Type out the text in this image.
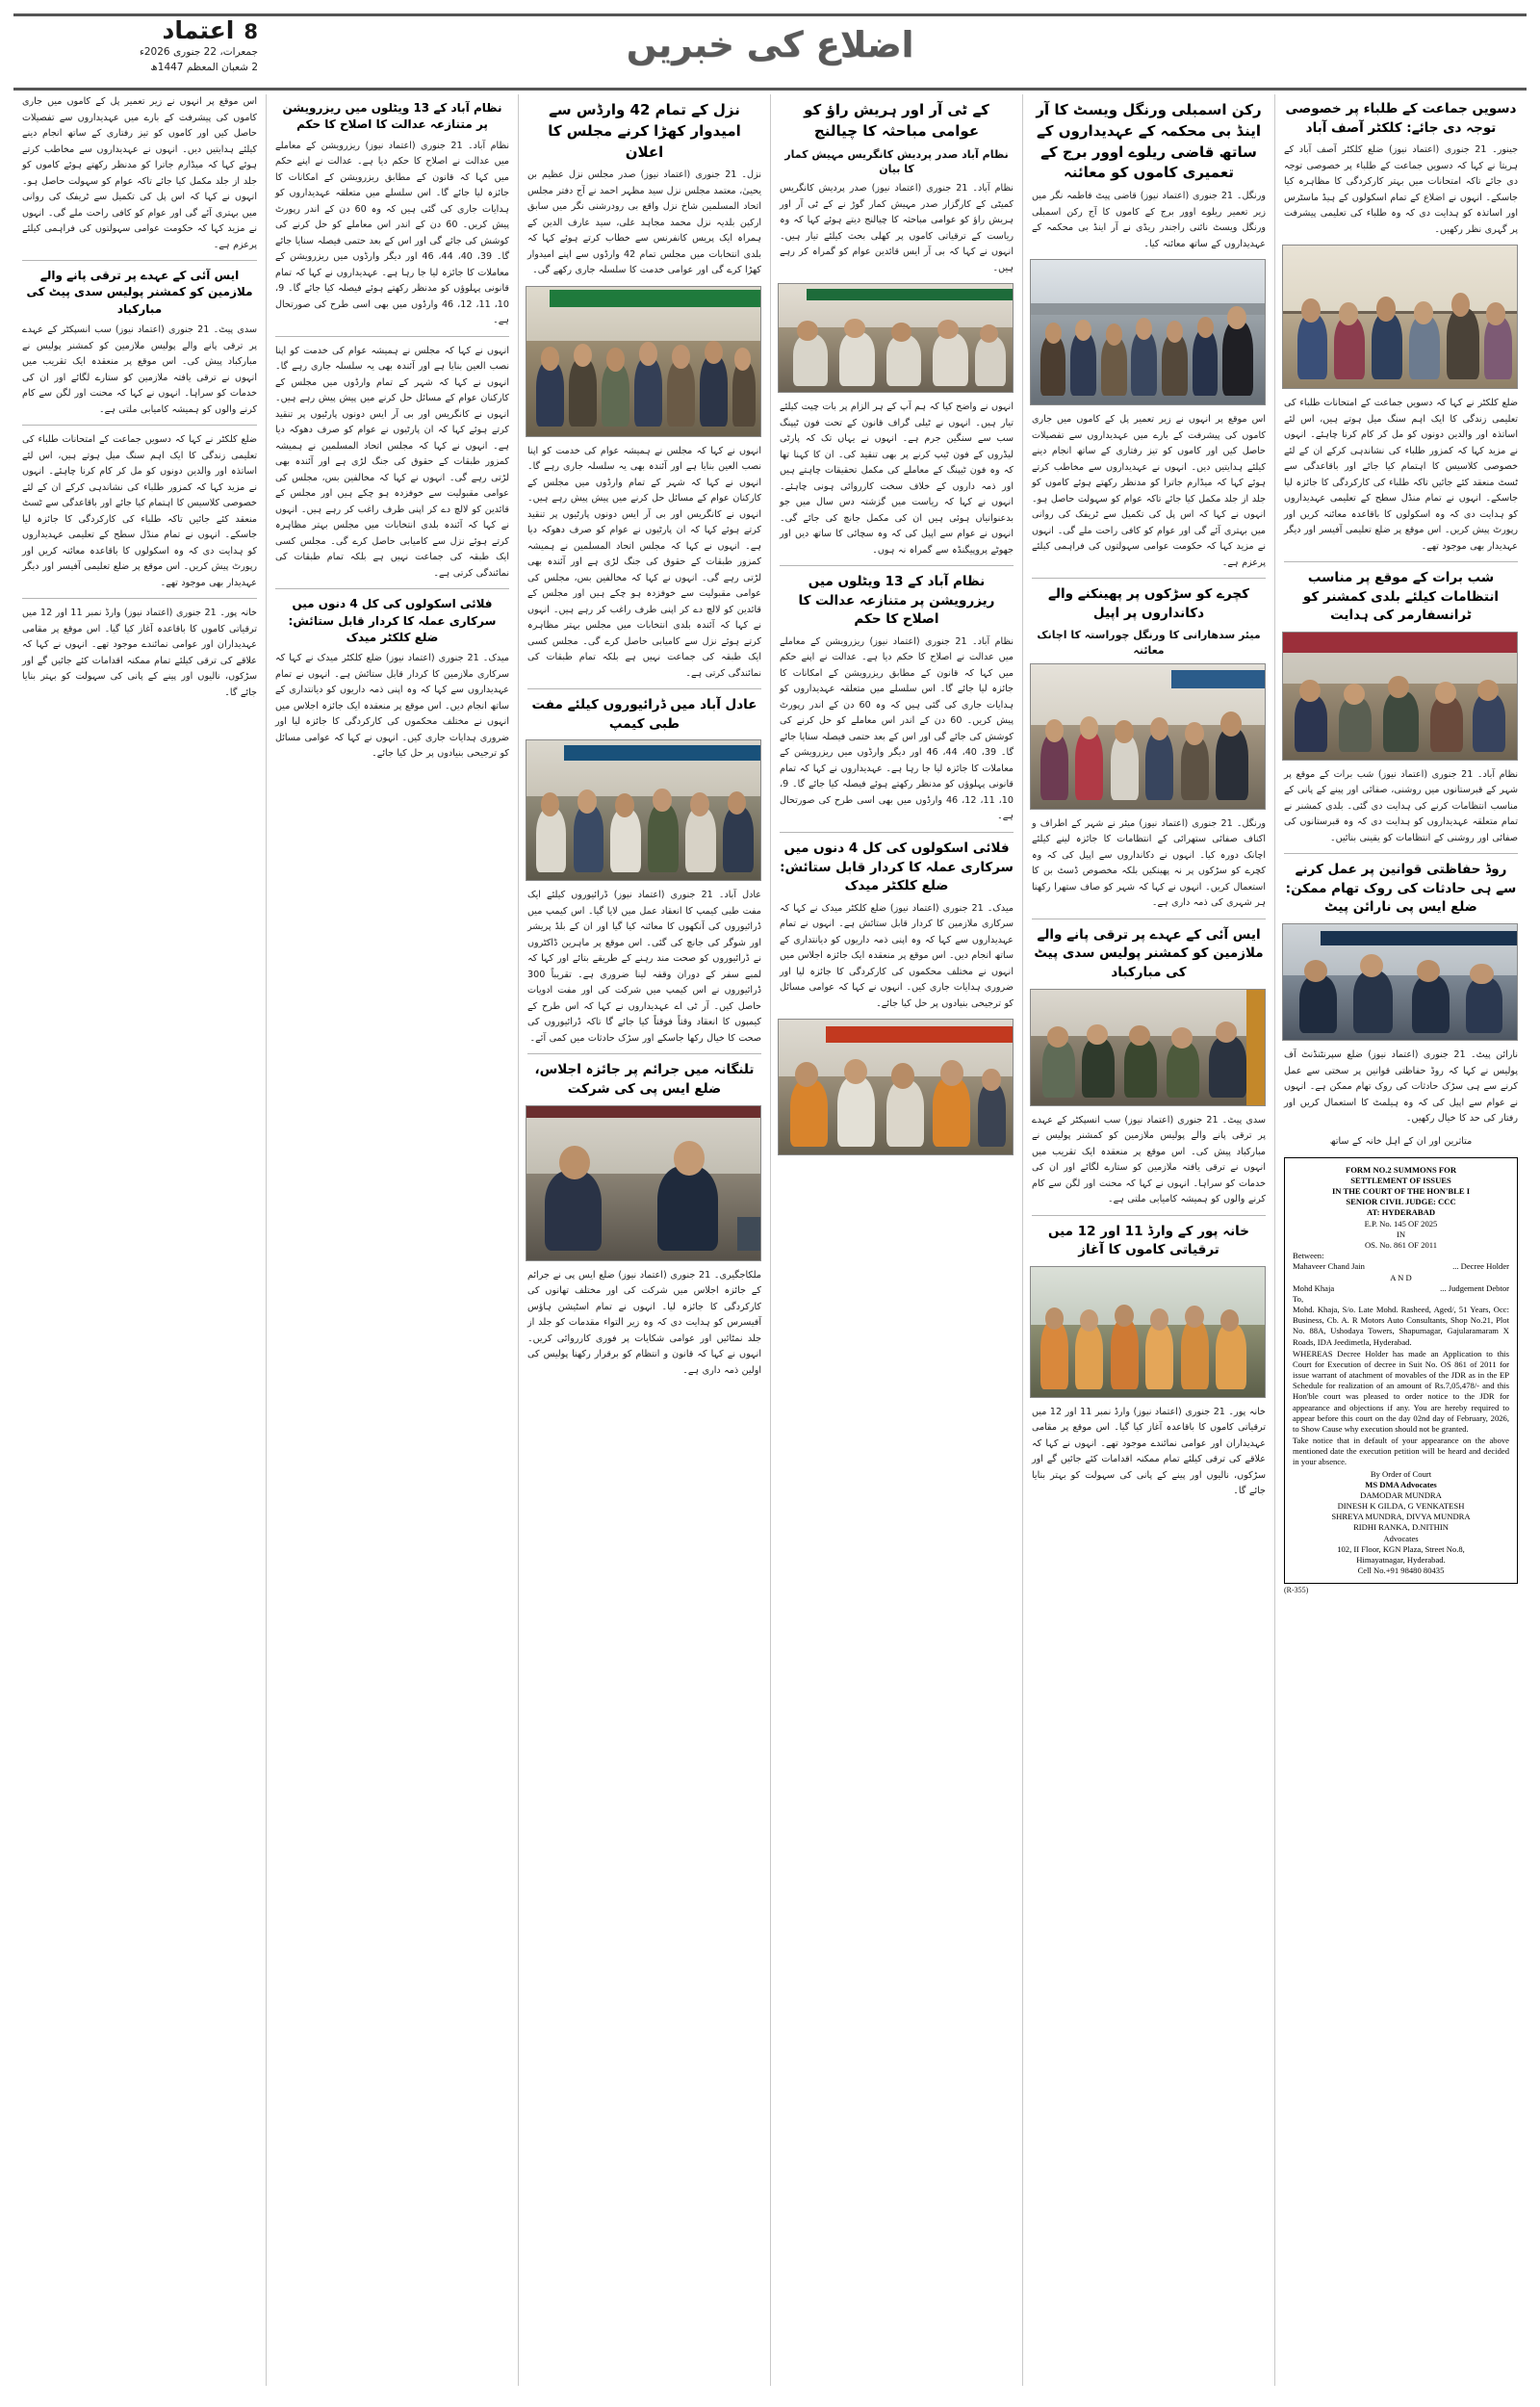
8اعتماد
جمعرات، 22 جنوری 2026ء
2 شعبان المعظم 1447ھ
اضلاع کی خبریں
دسویں جماعت کے طلباء پر خصوصی توجہ دی جائے: کلکٹر آصف آباد
جینور۔ 21 جنوری (اعتماد نیوز) ضلع کلکٹر آصف آباد کے ہریتا نے کہا کہ دسویں جماعت کے طلباء پر خصوصی توجہ دی جائے تاکہ امتحانات میں بہتر کارکردگی کا مظاہرہ کیا جاسکے۔ انہوں نے اضلاع کے تمام اسکولوں کے ہیڈ ماسٹرس اور اساتذہ کو ہدایت دی کہ وہ طلباء کی تعلیمی پیشرفت پر گہری نظر رکھیں۔
ضلع کلکٹر نے کہا کہ دسویں جماعت کے امتحانات طلباء کی تعلیمی زندگی کا ایک اہم سنگ میل ہوتے ہیں، اس لئے اساتذہ اور والدین دونوں کو مل کر کام کرنا چاہئے۔ انہوں نے مزید کہا کہ کمزور طلباء کی نشاندہی کرکے ان کے لئے خصوصی کلاسیس کا اہتمام کیا جائے اور باقاعدگی سے ٹسٹ منعقد کئے جائیں تاکہ طلباء کی کارکردگی کا جائزہ لیا جاسکے۔ انہوں نے تمام منڈل سطح کے تعلیمی عہدیداروں کو ہدایت دی کہ وہ اسکولوں کا باقاعدہ معائنہ کریں اور رپورٹ پیش کریں۔ اس موقع پر ضلع تعلیمی آفیسر اور دیگر عہدیدار بھی موجود تھے۔
شب برات کے موقع پر مناسب انتظامات کیلئے بلدی کمشنر کو ٹرانسفارمر کی ہدایت
نظام آباد۔ 21 جنوری (اعتماد نیوز) شب برات کے موقع پر شہر کے قبرستانوں میں روشنی، صفائی اور پینے کے پانی کے مناسب انتظامات کرنے کی ہدایت دی گئی۔ بلدی کمشنر نے تمام متعلقہ عہدیداروں کو ہدایت دی کہ وہ قبرستانوں کی صفائی اور روشنی کے انتظامات کو یقینی بنائیں۔
روڈ حفاظتی قوانین پر عمل کرنے سے ہی حادثات کی روک تھام ممکن: ضلع ایس پی نارائن پیٹ
نارائن پیٹ۔ 21 جنوری (اعتماد نیوز) ضلع سپرنٹنڈنٹ آف پولیس نے کہا کہ روڈ حفاظتی قوانین پر سختی سے عمل کرنے سے ہی سڑک حادثات کی روک تھام ممکن ہے۔ انہوں نے عوام سے اپیل کی کہ وہ ہیلمٹ کا استعمال کریں اور رفتار کی حد کا خیال رکھیں۔
متاثرین اور ان کے اہل خانہ کے ساتھ
FORM NO.2 SUMMONS FOR
SETTLEMENT OF ISSUES
IN THE COURT OF THE HON'BLE I
SENIOR CIVIL JUDGE: CCC
AT: HYDERABAD
E.P. No. 145 OF 2025
IN
OS. No. 861 OF 2011
Between:
Mahaveer Chand Jain	... Decree Holder
A N D
Mohd Khaja	... Judgement Debtor
To,

Mohd. Khaja, S/o. Late Mohd. Rasheed, Aged/, 51 Years, Occ: Business, Cb. A. R Motors Auto Consultants, Shop No.21, Plot No. 88A, Ushodaya Towers, Shapurnagar, Gajularamaram X Roads, IDA Jeedimetla, Hyderabad.

WHEREAS Decree Holder has made an Application to this Court for Execution of decree in Suit No. OS 861 of 2011 for issue warrant of atachment of movables of the JDR as in the EP Schedule for realization of an amount of Rs.7,05,478/- and this Hon'ble court was pleased to order notice to the JDR for appearance and objections if any. You are hereby required to appear before this court on the day 02nd day of February, 2026, to Show Cause why execution should not be granted.

Take notice that in default of your appearance on the above mentioned date the execution petition will be heard and decided in your absence.

By Order of Court
MS DMA Advocates
DAMODAR MUNDRA
DINESH K GILDA, G VENKATESH
SHREYA MUNDRA, DIVYA MUNDRA
RIDHI RANKA, D.NITHIN
Advocates
102, II Floor, KGN Plaza, Street No.8,
Himayatnagar, Hyderabad.
Cell No.+91 98480 80435
(R-355)
رکن اسمبلی ورنگل ویسٹ کا آر اینڈ بی محکمہ کے عہدیداروں کے ساتھ قاضی ریلوے اوور برج کے تعمیری کاموں کو معائنہ
ورنگل۔ 21 جنوری (اعتماد نیوز) قاضی پیٹ فاطمہ نگر میں زیر تعمیر ریلوے اوور برج کے کاموں کا آج رکن اسمبلی ورنگل ویسٹ نائنی راجندر ریڈی نے آر اینڈ بی محکمہ کے عہدیداروں کے ساتھ معائنہ کیا۔
اس موقع پر انہوں نے زیر تعمیر پل کے کاموں میں جاری کاموں کی پیشرفت کے بارے میں عہدیداروں سے تفصیلات حاصل کیں اور کاموں کو تیز رفتاری کے ساتھ انجام دینے کیلئے ہدایتیں دیں۔ انہوں نے عہدیداروں سے مخاطب کرتے ہوئے کہا کہ میڈارم جاترا کو مدنظر رکھتے ہوئے کاموں کو جلد از جلد مکمل کیا جائے تاکہ عوام کو سہولت حاصل ہو۔ انہوں نے کہا کہ اس پل کی تکمیل سے ٹریفک کی روانی میں بہتری آئے گی اور عوام کو کافی راحت ملے گی۔ انہوں نے مزید کہا کہ حکومت عوامی سہولتوں کی فراہمی کیلئے پرعزم ہے۔
کچرے کو سڑکوں پر پھینکنے والے دکانداروں پر اپیل
میئر سدھارانی کا ورنگل چوراستہ کا اچانک معائنہ
ورنگل۔ 21 جنوری (اعتماد نیوز) میئر نے شہر کے اطراف و اکناف صفائی ستھرائی کے انتظامات کا جائزہ لینے کیلئے اچانک دورہ کیا۔ انہوں نے دکانداروں سے اپیل کی کہ وہ کچرے کو سڑکوں پر نہ پھینکیں بلکہ مخصوص ڈسٹ بن کا استعمال کریں۔ انہوں نے کہا کہ شہر کو صاف ستھرا رکھنا ہر شہری کی ذمہ داری ہے۔
ایس آئی کے عہدے پر ترقی پانے والے ملازمین کو کمشنر پولیس سدی پیٹ کی مبارکباد
سدی پیٹ۔ 21 جنوری (اعتماد نیوز) سب انسپکٹر کے عہدے پر ترقی پانے والے پولیس ملازمین کو کمشنر پولیس نے مبارکباد پیش کی۔ اس موقع پر منعقدہ ایک تقریب میں انہوں نے ترقی یافتہ ملازمین کو ستارے لگائے اور ان کی خدمات کو سراہا۔ انہوں نے کہا کہ محنت اور لگن سے کام کرنے والوں کو ہمیشہ کامیابی ملتی ہے۔
خانہ پور کے وارڈ 11 اور 12 میں ترقیاتی کاموں کا آغاز
خانہ پور۔ 21 جنوری (اعتماد نیوز) وارڈ نمبر 11 اور 12 میں ترقیاتی کاموں کا باقاعدہ آغاز کیا گیا۔ اس موقع پر مقامی عہدیداران اور عوامی نمائندے موجود تھے۔ انہوں نے کہا کہ علاقے کی ترقی کیلئے تمام ممکنہ اقدامات کئے جائیں گے اور سڑکوں، نالیوں اور پینے کے پانی کی سہولت کو بہتر بنایا جائے گا۔
کے ٹی آر اور ہریش راؤ کو عوامی مباحثہ کا چیالنج
نظام آباد صدر پردیش کانگریس مہیش کمار کا بیان
نظام آباد۔ 21 جنوری (اعتماد نیوز) صدر پردیش کانگریس کمیٹی کے کارگزار صدر مہیش کمار گوڑ نے کے ٹی آر اور ہریش راؤ کو عوامی مباحثہ کا چیالنج دیتے ہوئے کہا کہ وہ ریاست کے ترقیاتی کاموں پر کھلی بحث کیلئے تیار ہیں۔ انہوں نے کہا کہ بی آر ایس قائدین عوام کو گمراہ کر رہے ہیں۔
انہوں نے واضح کیا کہ ہم آپ کے ہر الزام پر بات چیت کیلئے تیار ہیں۔ انہوں نے ٹیلی گراف قانون کے تحت فون ٹیپنگ سب سے سنگین جرم ہے۔ انہوں نے یہاں تک کہ پارٹی لیڈروں کے فون ٹیپ کرنے پر بھی تنقید کی۔ ان کا کہنا تھا کہ وہ فون ٹیپنگ کے معاملے کی مکمل تحقیقات چاہتے ہیں اور ذمہ داروں کے خلاف سخت کارروائی ہونی چاہئے۔ انہوں نے کہا کہ ریاست میں گزشتہ دس سال میں جو بدعنوانیاں ہوئی ہیں ان کی مکمل جانچ کی جائے گی۔ انہوں نے عوام سے اپیل کی کہ وہ سچائی کا ساتھ دیں اور جھوٹے پروپیگنڈہ سے گمراہ نہ ہوں۔
نظام آباد کے 13 ویٹلوں میں ریزرویشن پر متنازعہ عدالت کا اصلاح کا حکم
نظام آباد۔ 21 جنوری (اعتماد نیوز) ریزرویشن کے معاملے میں عدالت نے اصلاح کا حکم دیا ہے۔ عدالت نے اپنے حکم میں کہا کہ قانون کے مطابق ریزرویشن کے امکانات کا جائزہ لیا جائے گا۔ اس سلسلے میں متعلقہ عہدیداروں کو ہدایات جاری کی گئی ہیں کہ وہ 60 دن کے اندر رپورٹ پیش کریں۔ 60 دن کے اندر اس معاملے کو حل کرنے کی کوشش کی جائے گی اور اس کے بعد حتمی فیصلہ سنایا جائے گا۔ 39، 40، 44، 46 اور دیگر وارڈوں میں ریزرویشن کے معاملات کا جائزہ لیا جا رہا ہے۔ عہدیداروں نے کہا کہ تمام قانونی پہلوؤں کو مدنظر رکھتے ہوئے فیصلہ کیا جائے گا۔ 9، 10، 11، 12، 46 وارڈوں میں بھی اسی طرح کی صورتحال ہے۔
فلائی اسکولوں کی کل 4 دنوں میں سرکاری عملہ کا کردار قابل ستائش: ضلع کلکٹر میدک
میدک۔ 21 جنوری (اعتماد نیوز) ضلع کلکٹر میدک نے کہا کہ سرکاری ملازمین کا کردار قابل ستائش ہے۔ انہوں نے تمام عہدیداروں سے کہا کہ وہ اپنی ذمہ داریوں کو دیانتداری کے ساتھ انجام دیں۔ اس موقع پر منعقدہ ایک جائزہ اجلاس میں انہوں نے مختلف محکموں کی کارکردگی کا جائزہ لیا اور ضروری ہدایات جاری کیں۔ انہوں نے کہا کہ عوامی مسائل کو ترجیحی بنیادوں پر حل کیا جائے۔
نزل کے تمام 42 وارڈس سے امیدوار کھڑا کرنے مجلس کا اعلان
نزل۔ 21 جنوری (اعتماد نیوز) صدر مجلس نزل عظیم بن یحییٰ، معتمد مجلس نزل سید مظہر احمد نے آج دفتر مجلس اتحاد المسلمین شاخ نزل واقع بی رودرشنی نگر میں سابق ارکین بلدیہ نزل محمد مجاہد علی، سید عارف الدین کے ہمراہ ایک پریس کانفرنس سے خطاب کرتے ہوئے کہا کہ بلدی انتخابات میں مجلس تمام 42 وارڈوں سے اپنے امیدوار کھڑا کرے گی اور عوامی خدمت کا سلسلہ جاری رکھے گی۔
انہوں نے کہا کہ مجلس نے ہمیشہ عوام کی خدمت کو اپنا نصب العین بنایا ہے اور آئندہ بھی یہ سلسلہ جاری رہے گا۔ انہوں نے کہا کہ شہر کے تمام وارڈوں میں مجلس کے کارکنان عوام کے مسائل حل کرنے میں پیش پیش رہے ہیں۔ انہوں نے کانگریس اور بی آر ایس دونوں پارٹیوں پر تنقید کرتے ہوئے کہا کہ ان پارٹیوں نے عوام کو صرف دھوکہ دیا ہے۔ انہوں نے کہا کہ مجلس اتحاد المسلمین نے ہمیشہ کمزور طبقات کے حقوق کی جنگ لڑی ہے اور آئندہ بھی لڑتی رہے گی۔ انہوں نے کہا کہ مخالفین بس، مجلس کی عوامی مقبولیت سے خوفزدہ ہو چکے ہیں اور مجلس کے قائدین کو لالچ دے کر اپنی طرف راغب کر رہے ہیں۔ انہوں نے کہا کہ آئندہ بلدی انتخابات میں مجلس بہتر مظاہرہ کرتے ہوئے نزل سے کامیابی حاصل کرے گی۔ مجلس کسی ایک طبقہ کی جماعت نہیں ہے بلکہ تمام طبقات کی نمائندگی کرتی ہے۔
عادل آباد میں ڈرائیوروں کیلئے مفت طبی کیمپ
عادل آباد۔ 21 جنوری (اعتماد نیوز) ڈرائیوروں کیلئے ایک مفت طبی کیمپ کا انعقاد عمل میں لایا گیا۔ اس کیمپ میں ڈرائیوروں کی آنکھوں کا معائنہ کیا گیا اور ان کے بلڈ پریشر اور شوگر کی جانچ کی گئی۔ اس موقع پر ماہرین ڈاکٹروں نے ڈرائیوروں کو صحت مند رہنے کے طریقے بتائے اور کہا کہ لمبے سفر کے دوران وقفہ لینا ضروری ہے۔ تقریباً 300 ڈرائیوروں نے اس کیمپ میں شرکت کی اور مفت ادویات حاصل کیں۔ آر ٹی اے عہدیداروں نے کہا کہ اس طرح کے کیمپوں کا انعقاد وقتاً فوقتاً کیا جائے گا تاکہ ڈرائیوروں کی صحت کا خیال رکھا جاسکے اور سڑک حادثات میں کمی آئے۔
تلنگانہ میں جرائم پر جائزہ اجلاس، ضلع ایس پی کی شرکت
ملکاجگیری۔ 21 جنوری (اعتماد نیوز) ضلع ایس پی نے جرائم کے جائزہ اجلاس میں شرکت کی اور مختلف تھانوں کی کارکردگی کا جائزہ لیا۔ انہوں نے تمام اسٹیشن ہاؤس آفیسرس کو ہدایت دی کہ وہ زیر التواء مقدمات کو جلد از جلد نمٹائیں اور عوامی شکایات پر فوری کارروائی کریں۔ انہوں نے کہا کہ قانون و انتظام کو برقرار رکھنا پولیس کی اولین ذمہ داری ہے۔
نظام آباد کے 13 ویٹلوں میں ریزرویشن پر متنازعہ عدالت کا اصلاح کا حکم
نظام آباد۔ 21 جنوری (اعتماد نیوز) ریزرویشن کے معاملے میں عدالت نے اصلاح کا حکم دیا ہے۔ عدالت نے اپنے حکم میں کہا کہ قانون کے مطابق ریزرویشن کے امکانات کا جائزہ لیا جائے گا۔ اس سلسلے میں متعلقہ عہدیداروں کو ہدایات جاری کی گئی ہیں کہ وہ 60 دن کے اندر رپورٹ پیش کریں۔ 60 دن کے اندر اس معاملے کو حل کرنے کی کوشش کی جائے گی اور اس کے بعد حتمی فیصلہ سنایا جائے گا۔ 39، 40، 44، 46 اور دیگر وارڈوں میں ریزرویشن کے معاملات کا جائزہ لیا جا رہا ہے۔ عہدیداروں نے کہا کہ تمام قانونی پہلوؤں کو مدنظر رکھتے ہوئے فیصلہ کیا جائے گا۔ 9، 10، 11، 12، 46 وارڈوں میں بھی اسی طرح کی صورتحال ہے۔
انہوں نے کہا کہ مجلس نے ہمیشہ عوام کی خدمت کو اپنا نصب العین بنایا ہے اور آئندہ بھی یہ سلسلہ جاری رہے گا۔ انہوں نے کہا کہ شہر کے تمام وارڈوں میں مجلس کے کارکنان عوام کے مسائل حل کرنے میں پیش پیش رہے ہیں۔ انہوں نے کانگریس اور بی آر ایس دونوں پارٹیوں پر تنقید کرتے ہوئے کہا کہ ان پارٹیوں نے عوام کو صرف دھوکہ دیا ہے۔ انہوں نے کہا کہ مجلس اتحاد المسلمین نے ہمیشہ کمزور طبقات کے حقوق کی جنگ لڑی ہے اور آئندہ بھی لڑتی رہے گی۔ انہوں نے کہا کہ مخالفین بس، مجلس کی عوامی مقبولیت سے خوفزدہ ہو چکے ہیں اور مجلس کے قائدین کو لالچ دے کر اپنی طرف راغب کر رہے ہیں۔ انہوں نے کہا کہ آئندہ بلدی انتخابات میں مجلس بہتر مظاہرہ کرتے ہوئے نزل سے کامیابی حاصل کرے گی۔ مجلس کسی ایک طبقہ کی جماعت نہیں ہے بلکہ تمام طبقات کی نمائندگی کرتی ہے۔
فلائی اسکولوں کی کل 4 دنوں میں سرکاری عملہ کا کردار قابل ستائش: ضلع کلکٹر میدک
میدک۔ 21 جنوری (اعتماد نیوز) ضلع کلکٹر میدک نے کہا کہ سرکاری ملازمین کا کردار قابل ستائش ہے۔ انہوں نے تمام عہدیداروں سے کہا کہ وہ اپنی ذمہ داریوں کو دیانتداری کے ساتھ انجام دیں۔ اس موقع پر منعقدہ ایک جائزہ اجلاس میں انہوں نے مختلف محکموں کی کارکردگی کا جائزہ لیا اور ضروری ہدایات جاری کیں۔ انہوں نے کہا کہ عوامی مسائل کو ترجیحی بنیادوں پر حل کیا جائے۔
اس موقع پر انہوں نے زیر تعمیر پل کے کاموں میں جاری کاموں کی پیشرفت کے بارے میں عہدیداروں سے تفصیلات حاصل کیں اور کاموں کو تیز رفتاری کے ساتھ انجام دینے کیلئے ہدایتیں دیں۔ انہوں نے عہدیداروں سے مخاطب کرتے ہوئے کہا کہ میڈارم جاترا کو مدنظر رکھتے ہوئے کاموں کو جلد از جلد مکمل کیا جائے تاکہ عوام کو سہولت حاصل ہو۔ انہوں نے کہا کہ اس پل کی تکمیل سے ٹریفک کی روانی میں بہتری آئے گی اور عوام کو کافی راحت ملے گی۔ انہوں نے مزید کہا کہ حکومت عوامی سہولتوں کی فراہمی کیلئے پرعزم ہے۔
ایس آئی کے عہدے پر ترقی پانے والے ملازمین کو کمشنر پولیس سدی پیٹ کی مبارکباد
سدی پیٹ۔ 21 جنوری (اعتماد نیوز) سب انسپکٹر کے عہدے پر ترقی پانے والے پولیس ملازمین کو کمشنر پولیس نے مبارکباد پیش کی۔ اس موقع پر منعقدہ ایک تقریب میں انہوں نے ترقی یافتہ ملازمین کو ستارے لگائے اور ان کی خدمات کو سراہا۔ انہوں نے کہا کہ محنت اور لگن سے کام کرنے والوں کو ہمیشہ کامیابی ملتی ہے۔
ضلع کلکٹر نے کہا کہ دسویں جماعت کے امتحانات طلباء کی تعلیمی زندگی کا ایک اہم سنگ میل ہوتے ہیں، اس لئے اساتذہ اور والدین دونوں کو مل کر کام کرنا چاہئے۔ انہوں نے مزید کہا کہ کمزور طلباء کی نشاندہی کرکے ان کے لئے خصوصی کلاسیس کا اہتمام کیا جائے اور باقاعدگی سے ٹسٹ منعقد کئے جائیں تاکہ طلباء کی کارکردگی کا جائزہ لیا جاسکے۔ انہوں نے تمام منڈل سطح کے تعلیمی عہدیداروں کو ہدایت دی کہ وہ اسکولوں کا باقاعدہ معائنہ کریں اور رپورٹ پیش کریں۔ اس موقع پر ضلع تعلیمی آفیسر اور دیگر عہدیدار بھی موجود تھے۔
خانہ پور۔ 21 جنوری (اعتماد نیوز) وارڈ نمبر 11 اور 12 میں ترقیاتی کاموں کا باقاعدہ آغاز کیا گیا۔ اس موقع پر مقامی عہدیداران اور عوامی نمائندے موجود تھے۔ انہوں نے کہا کہ علاقے کی ترقی کیلئے تمام ممکنہ اقدامات کئے جائیں گے اور سڑکوں، نالیوں اور پینے کے پانی کی سہولت کو بہتر بنایا جائے گا۔
